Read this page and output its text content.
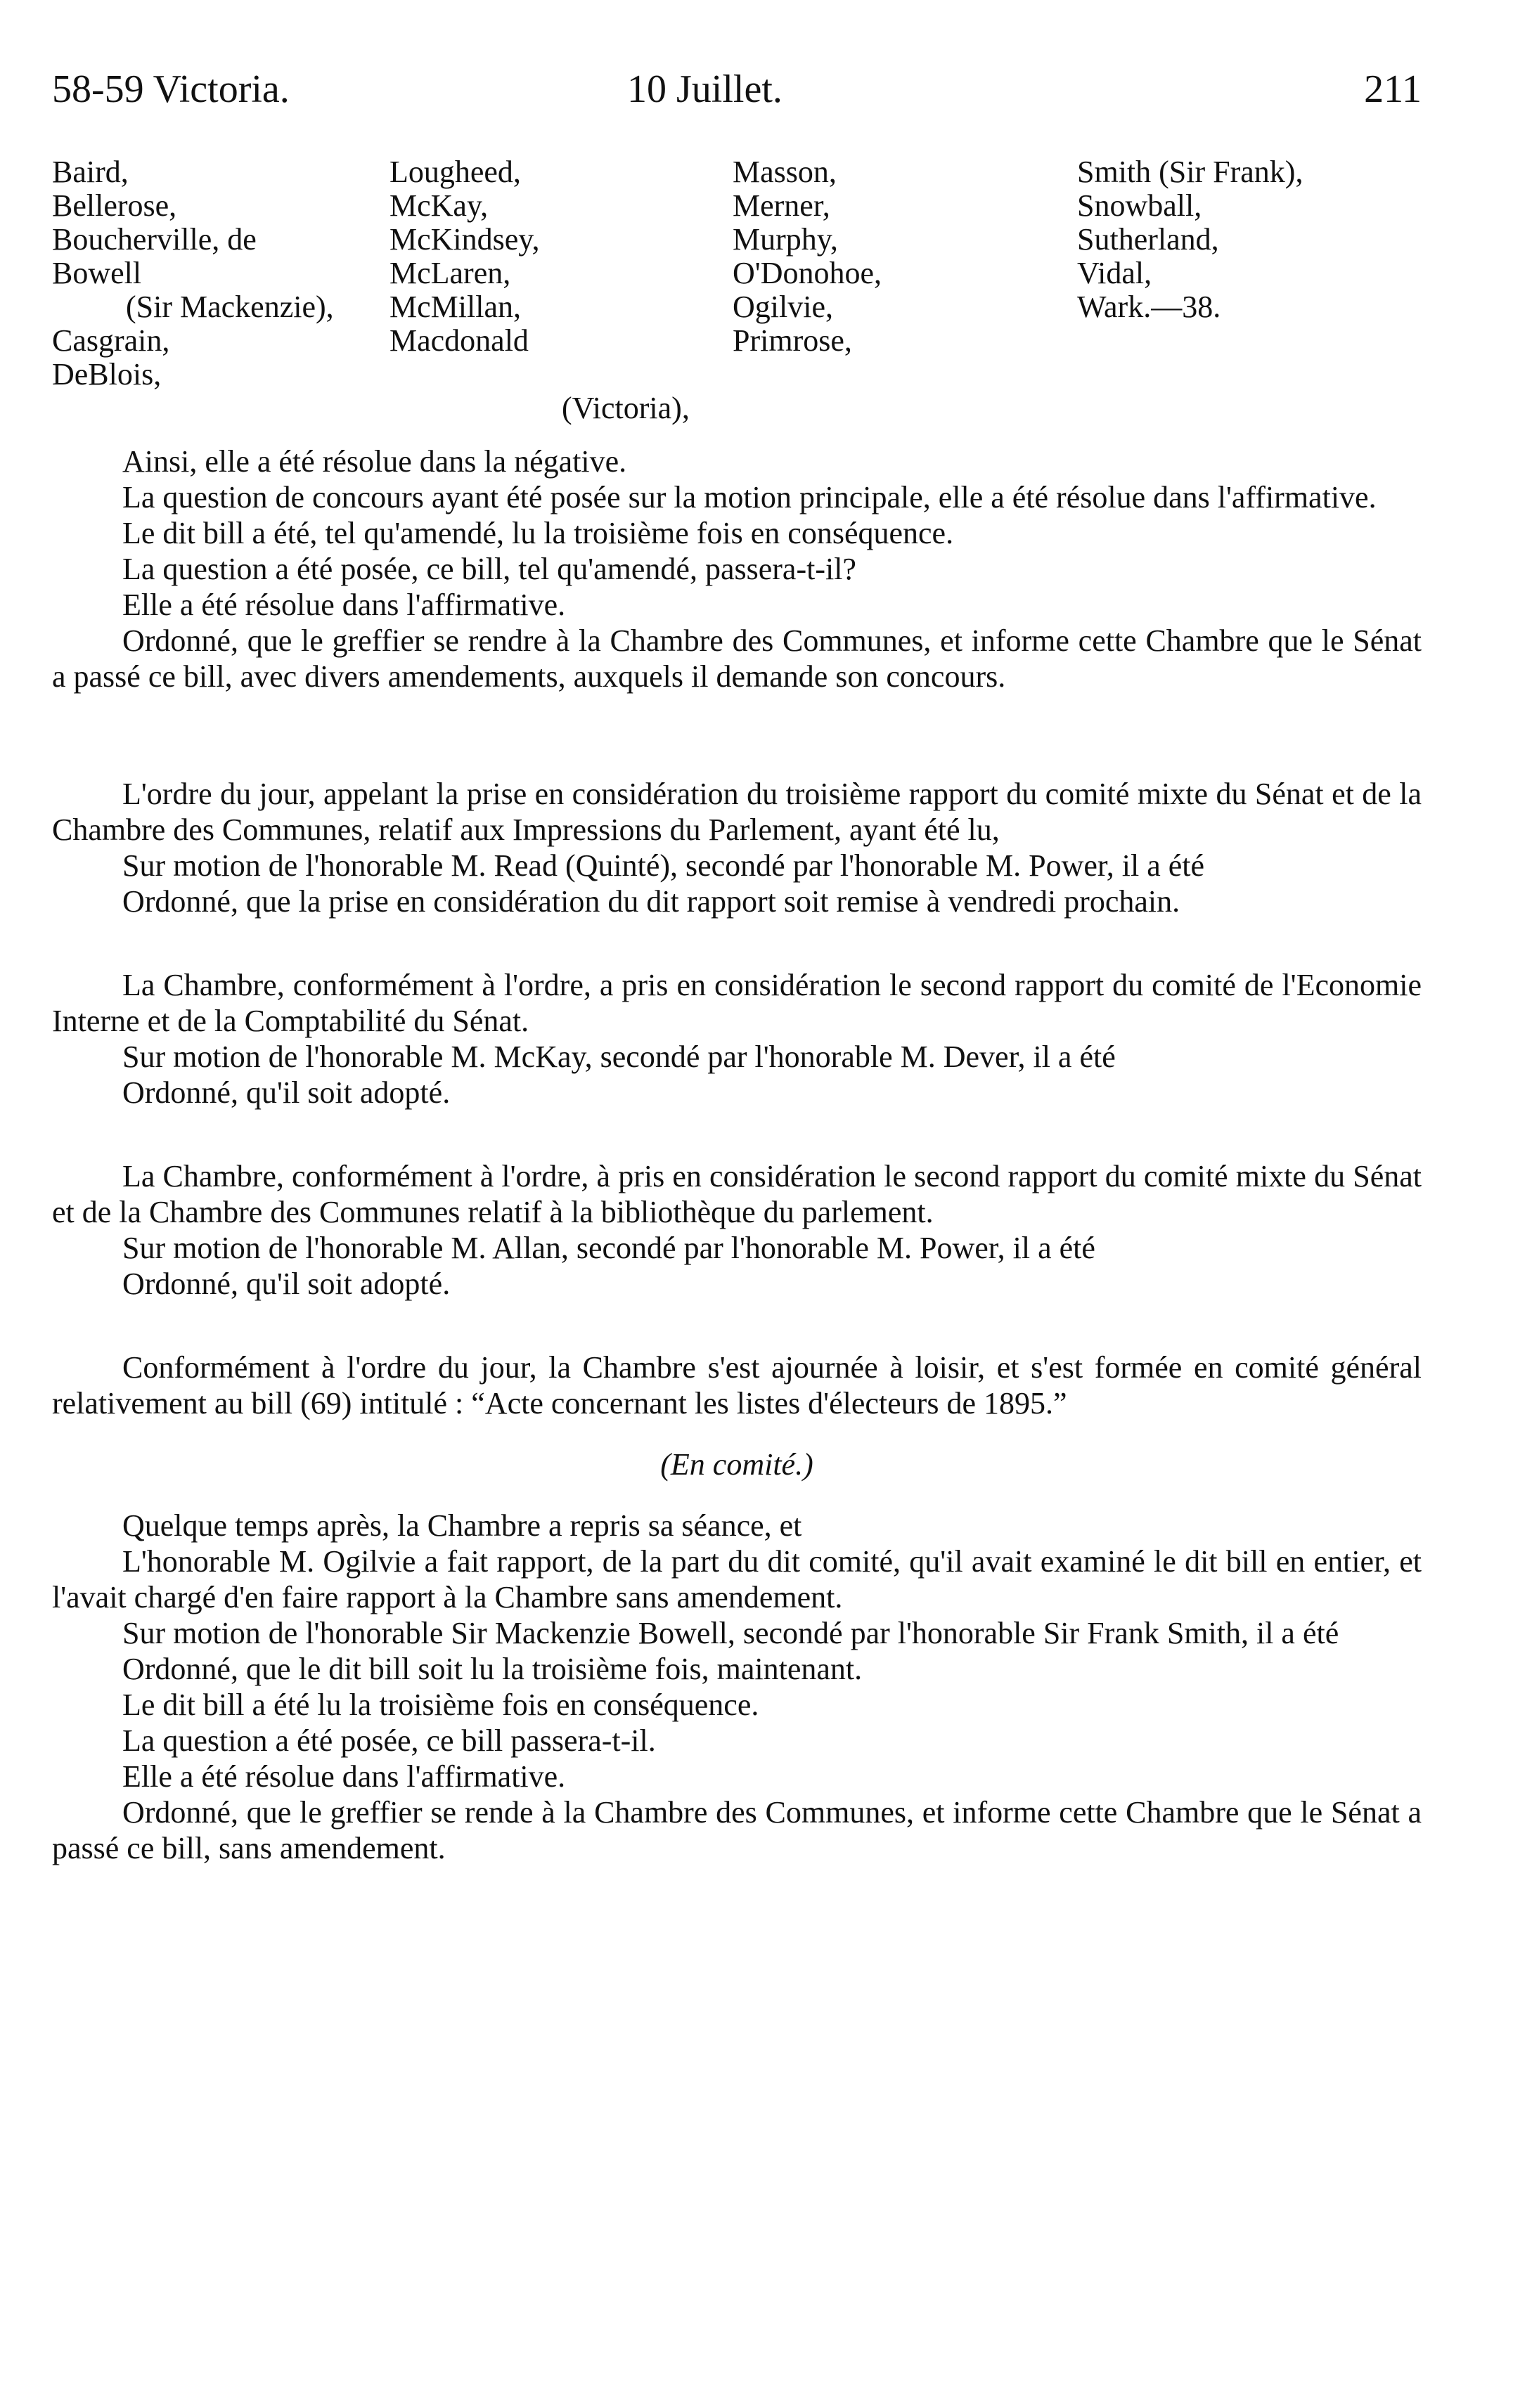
58-59 Victoria.	10 Juillet.	211
Baird,
Bellerose,
Boucherville, de
Bowell
(Sir Mackenzie),
Casgrain,
DeBlois,
Lougheed,
McKay,
McKindsey,
McLaren,
McMillan,
Macdonald
(Victoria),
Masson,
Merner,
Murphy,
O'Donohoe,
Ogilvie,
Primrose,
Smith (Sir Frank),
Snowball,
Sutherland,
Vidal,
Wark.—38.

Ainsi, elle a été résolue dans la négative.

La question de concours ayant été posée sur la motion principale, elle a été résolue dans l'affirmative.

Le dit bill a été, tel qu'amendé, lu la troisième fois en conséquence.

La question a été posée, ce bill, tel qu'amendé, passera-t-il?

Elle a été résolue dans l'affirmative.

Ordonné, que le greffier se rendre à la Chambre des Communes, et informe cette Chambre que le Sénat a passé ce bill, avec divers amendements, auxquels il demande son concours.

L'ordre du jour, appelant la prise en considération du troisième rapport du comité mixte du Sénat et de la Chambre des Communes, relatif aux Impressions du Parlement, ayant été lu,

Sur motion de l'honorable M. Read (Quinté), secondé par l'honorable M. Power, il a été

Ordonné, que la prise en considération du dit rapport soit remise à vendredi prochain.

La Chambre, conformément à l'ordre, a pris en considération le second rapport du comité de l'Economie Interne et de la Comptabilité du Sénat.

Sur motion de l'honorable M. McKay, secondé par l'honorable M. Dever, il a été

Ordonné, qu'il soit adopté.

La Chambre, conformément à l'ordre, à pris en considération le second rapport du comité mixte du Sénat et de la Chambre des Communes relatif à la bibliothèque du parlement.

Sur motion de l'honorable M. Allan, secondé par l'honorable M. Power, il a été

Ordonné, qu'il soit adopté.

Conformément à l'ordre du jour, la Chambre s'est ajournée à loisir, et s'est formée en comité général relativement au bill (69) intitulé : “Acte concernant les listes d'électeurs de 1895.”

(En comité.)

Quelque temps après, la Chambre a repris sa séance, et

L'honorable M. Ogilvie a fait rapport, de la part du dit comité, qu'il avait examiné le dit bill en entier, et l'avait chargé d'en faire rapport à la Chambre sans amendement.

Sur motion de l'honorable Sir Mackenzie Bowell, secondé par l'honorable Sir Frank Smith, il a été

Ordonné, que le dit bill soit lu la troisième fois, maintenant.

Le dit bill a été lu la troisième fois en conséquence.

La question a été posée, ce bill passera-t-il.

Elle a été résolue dans l'affirmative.

Ordonné, que le greffier se rende à la Chambre des Communes, et informe cette Chambre que le Sénat a passé ce bill, sans amendement.
